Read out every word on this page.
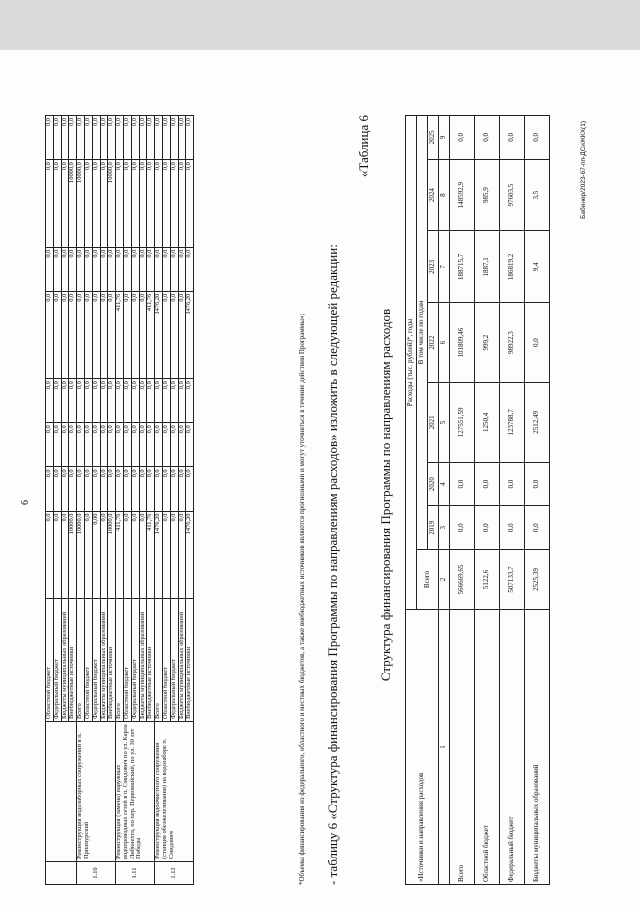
6
		Областной бюджет	0,0	0,0	0,0	0,0	0,0	0,0	0,0	0,0
		Федеральный бюджет	0,0	0,0	0,0	0,0	0,0	0,0	0,0	0,0
		Бюджеты муниципальных образований	0,0	0,0	0,0	0,0	0,0	0,0	0,0	0,0
		Внебюджетные источники	10000,0	0,0	0,0	0,0	0,0	0,0	10000,0	0,0
1.10	Реконструкция водозаборных сооружений в п. Приамурский	Всего	10000,0	0,0	0,0	0,0	0,0	0,0	10000,0	0,0
		Областной бюджет	0,0	0,0	0,0	0,0	0,0	0,0	0,0	0,0
		Федеральный бюджет	0,00	0,0	0,0	0,0	0,0	0,0	0,0	0,0
		Бюджеты муниципальных образований	0,0	0,0	0,0	0,0	0,0	0,0	0,0	0,0
		Внебюджетные источники	10000,0	0,0	0,0	0,0	0,0	0,0	10000,0	0,0
1.11	Реконструкция (замена) наружных водопроводных сетей в п. Смидович по ул. Карла Либкнехта, по пер. Первомайский, по ул. 30 лет Победы	Всего	411,76	0,0	0,0	0,0	411,76	0,0	0,0	0,0
		Областной бюджет	0,0	0,0	0,0	0,0	0,0	0,0	0,0	0,0
		Федеральный бюджет	0,0	0,0	0,0	0,0	0,0	0,0	0,0	0,0
		Бюджеты муниципальных образований	0,0	0,0	0,0	0,0	0,0	0,0	0,0	0,0
		Внебюджетные источники	411,76	0,0	0,0	0,0	411,76	0,0	0,0	0,0
1.12	Реконструкция водоочистного сооружения (станция обезжелезивания) на водозаборе п. Смидович	Всего	1476,20	0,0	0,0	0,0	1476,20	0,0	0,0	0,0
		Областной бюджет	0,0	0,0	0,0	0,0	0,0	0,0	0,0	0,0
		Федеральный бюджет	0,0	0,0	0,0	0,0	0,0	0,0	0,0	0,0
		Бюджеты муниципальных образований	0,0	0,0	0,0	0,0	0,0	0,0	0,0	0,0
		Внебюджетные источники	1476,20	0,0	0,0	0,0	1476,20	0,0	0,0	0,0
*Объемы финансирования из федерального, областного и местных бюджетов, а также внебюджетных источников являются прогнозными и могут уточняться в течение действия Программы»; - таблицу 6 «Структура финансирования Программы по направлениям расходов» изложить в следующей редакции:
«Таблица 6
Структура финансирования Программы по направлениям расходов
«Источники и направления расходов	Расходы (тыс. рублей)*, годы							
	Всего	В том числе по годам						
		2019	2020	2021	2022	2023	2024	2025
1	2	3	4	5	6	7	8	9
Всего	566669,65	0,0	0,0	127551,59	101809,46	188715,7	148592,9	0,0
Областной бюджет	5122,6	0,0	0,0	1250,4	999,2	1887,1	985,9	0,0
Федеральный бюджет	507133,7	0,0	0,0	123788,7	98922,3	186819,2	97603,5	0,0
Бюджеты муниципальных образований	2525,39	0,0	0,0	2512,49	0,0	9,4	3,5	0,0	Бабинер/2023-67-пп-ДСиЖКХ(1)
